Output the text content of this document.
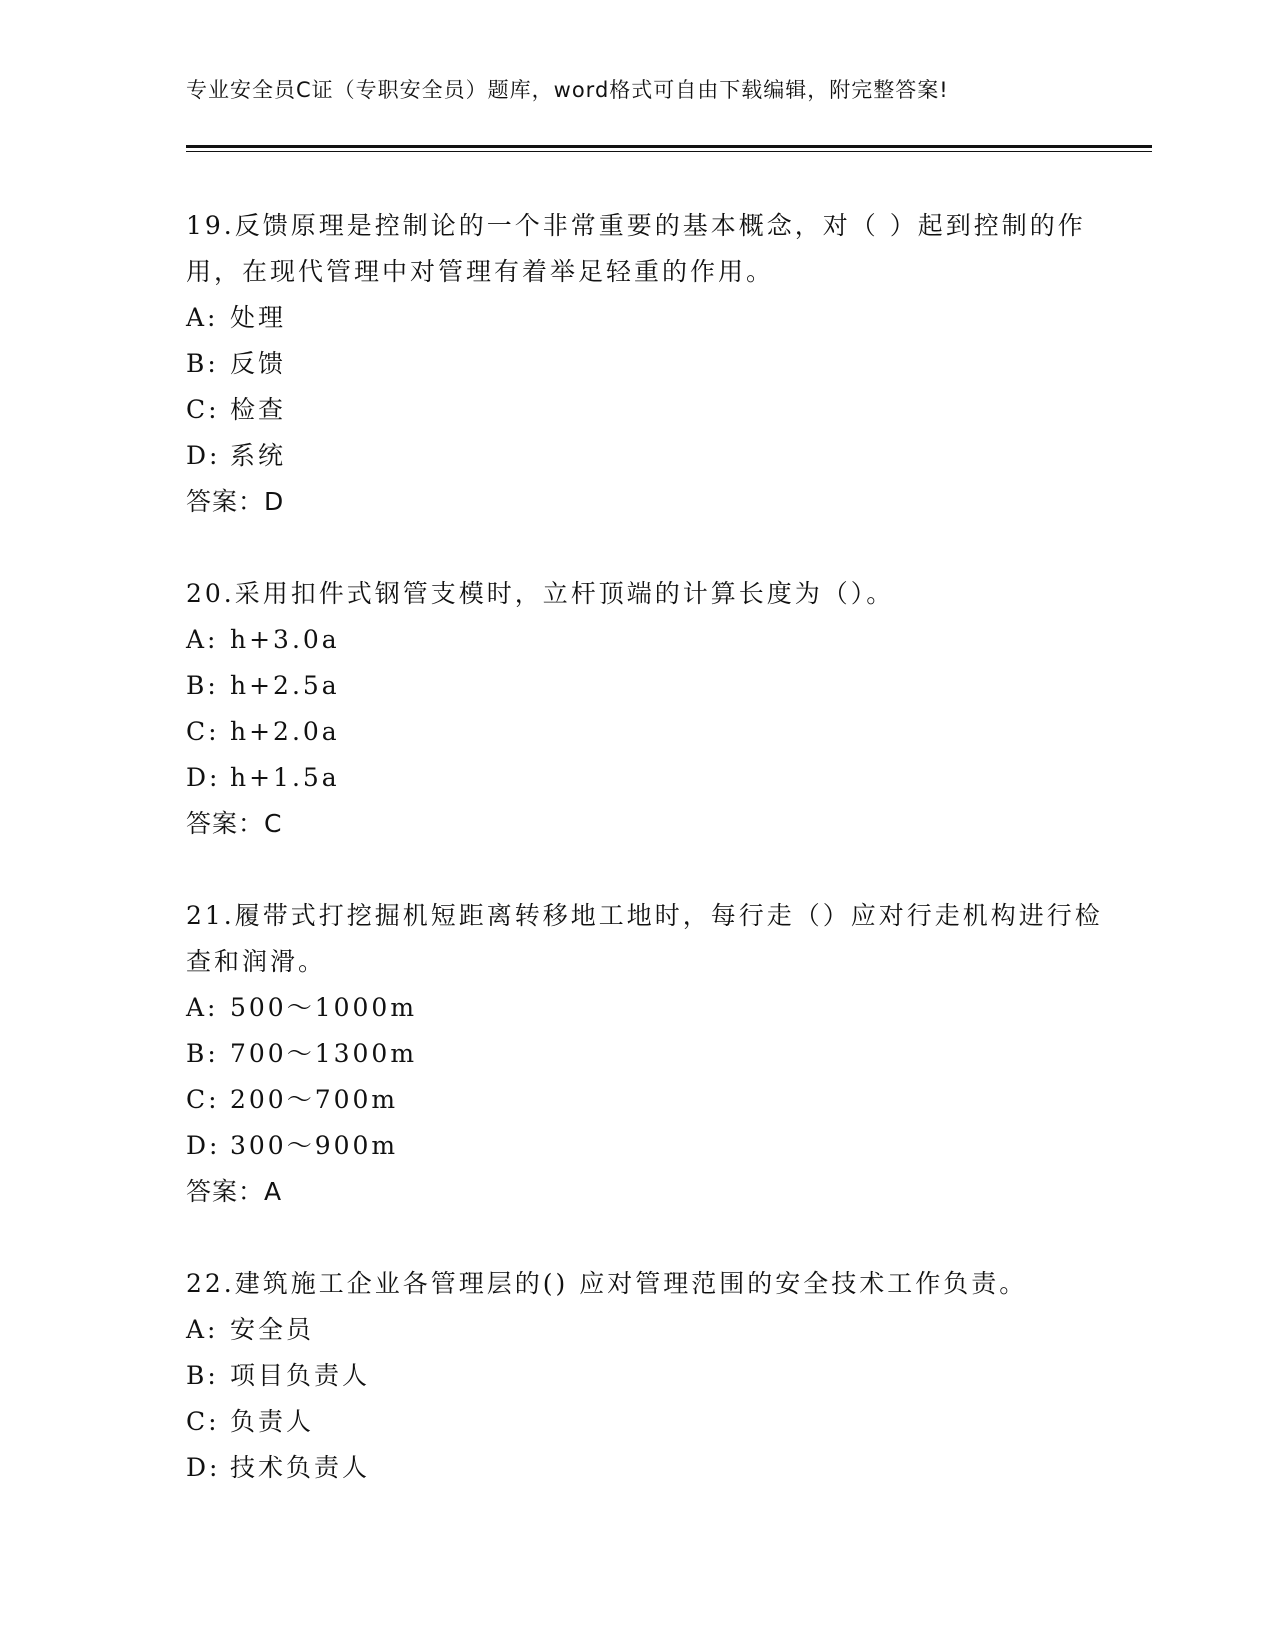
专业安全员C证（专职安全员）题库，word格式可自由下载编辑，附完整答案!
19.反馈原理是控制论的一个非常重要的基本概念，对（ ）起到控制的作用，在现代管理中对管理有着举足轻重的作用。
A: 处理
B: 反馈
C: 检查
D: 系统
答案：D
20.采用扣件式钢管支模时，立杆顶端的计算长度为（）。
A: h+3.0a
B: h+2.5a
C: h+2.0a
D: h+1.5a
答案：C
21.履带式打挖掘机短距离转移地工地时，每行走（）应对行走机构进行检查和润滑。
A: 500～1000m
B: 700～1300m
C: 200～700m
D: 300～900m
答案：A
22.建筑施工企业各管理层的() 应对管理范围的安全技术工作负责。
A: 安全员
B: 项目负责人
C: 负责人
D: 技术负责人
